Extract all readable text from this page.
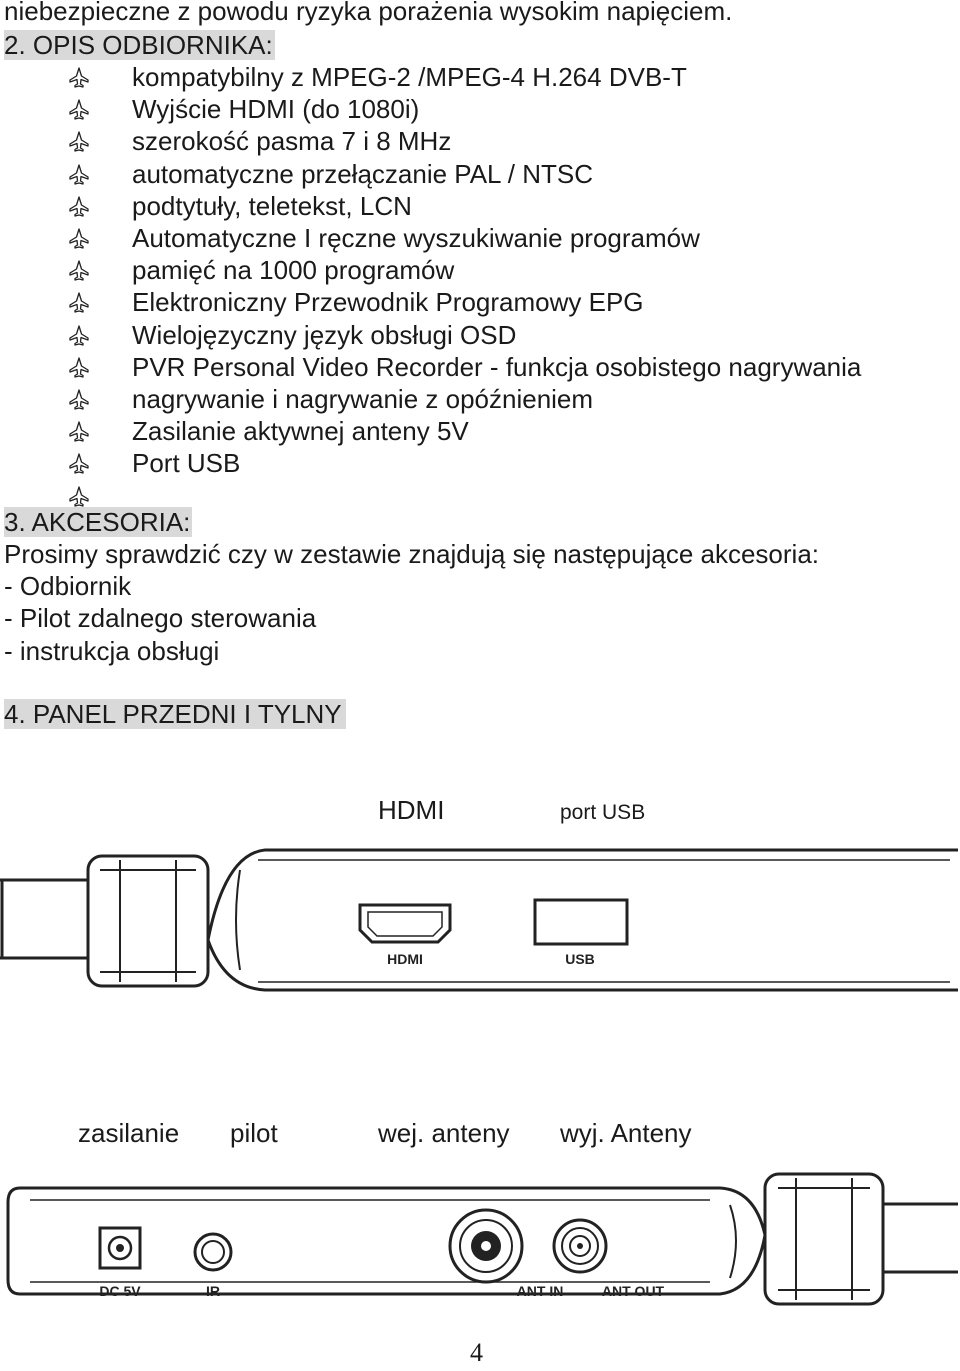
niebezpieczne z powodu ryzyka porażenia wysokim napięciem.
2. OPIS ODBIORNIKA:
kompatybilny z MPEG-2 /MPEG-4 H.264 DVB-T
Wyjście HDMI (do 1080i)
szerokość pasma 7 i 8 MHz
automatyczne przełączanie PAL / NTSC
podtytuły, teletekst, LCN
Automatyczne I ręczne wyszukiwanie programów
pamięć na 1000 programów
Elektroniczny Przewodnik Programowy EPG
Wielojęzyczny język obsługi OSD
PVR Personal Video Recorder - funkcja osobistego nagrywania
nagrywanie i nagrywanie z opóźnieniem
Zasilanie aktywnej anteny 5V
Port USB
3. AKCESORIA:
Prosimy sprawdzić czy w zestawie znajdują się następujące akcesoria:
- Odbiornik
- Pilot zdalnego sterowania
- instrukcja obsługi
4. PANEL PRZEDNI I TYLNY
HDMI	port USB
HDMI	USB
zasilanie pilot	wej. anteny wyj. Anteny
DC 5V	IR	ANT IN	ANT OUT
4
